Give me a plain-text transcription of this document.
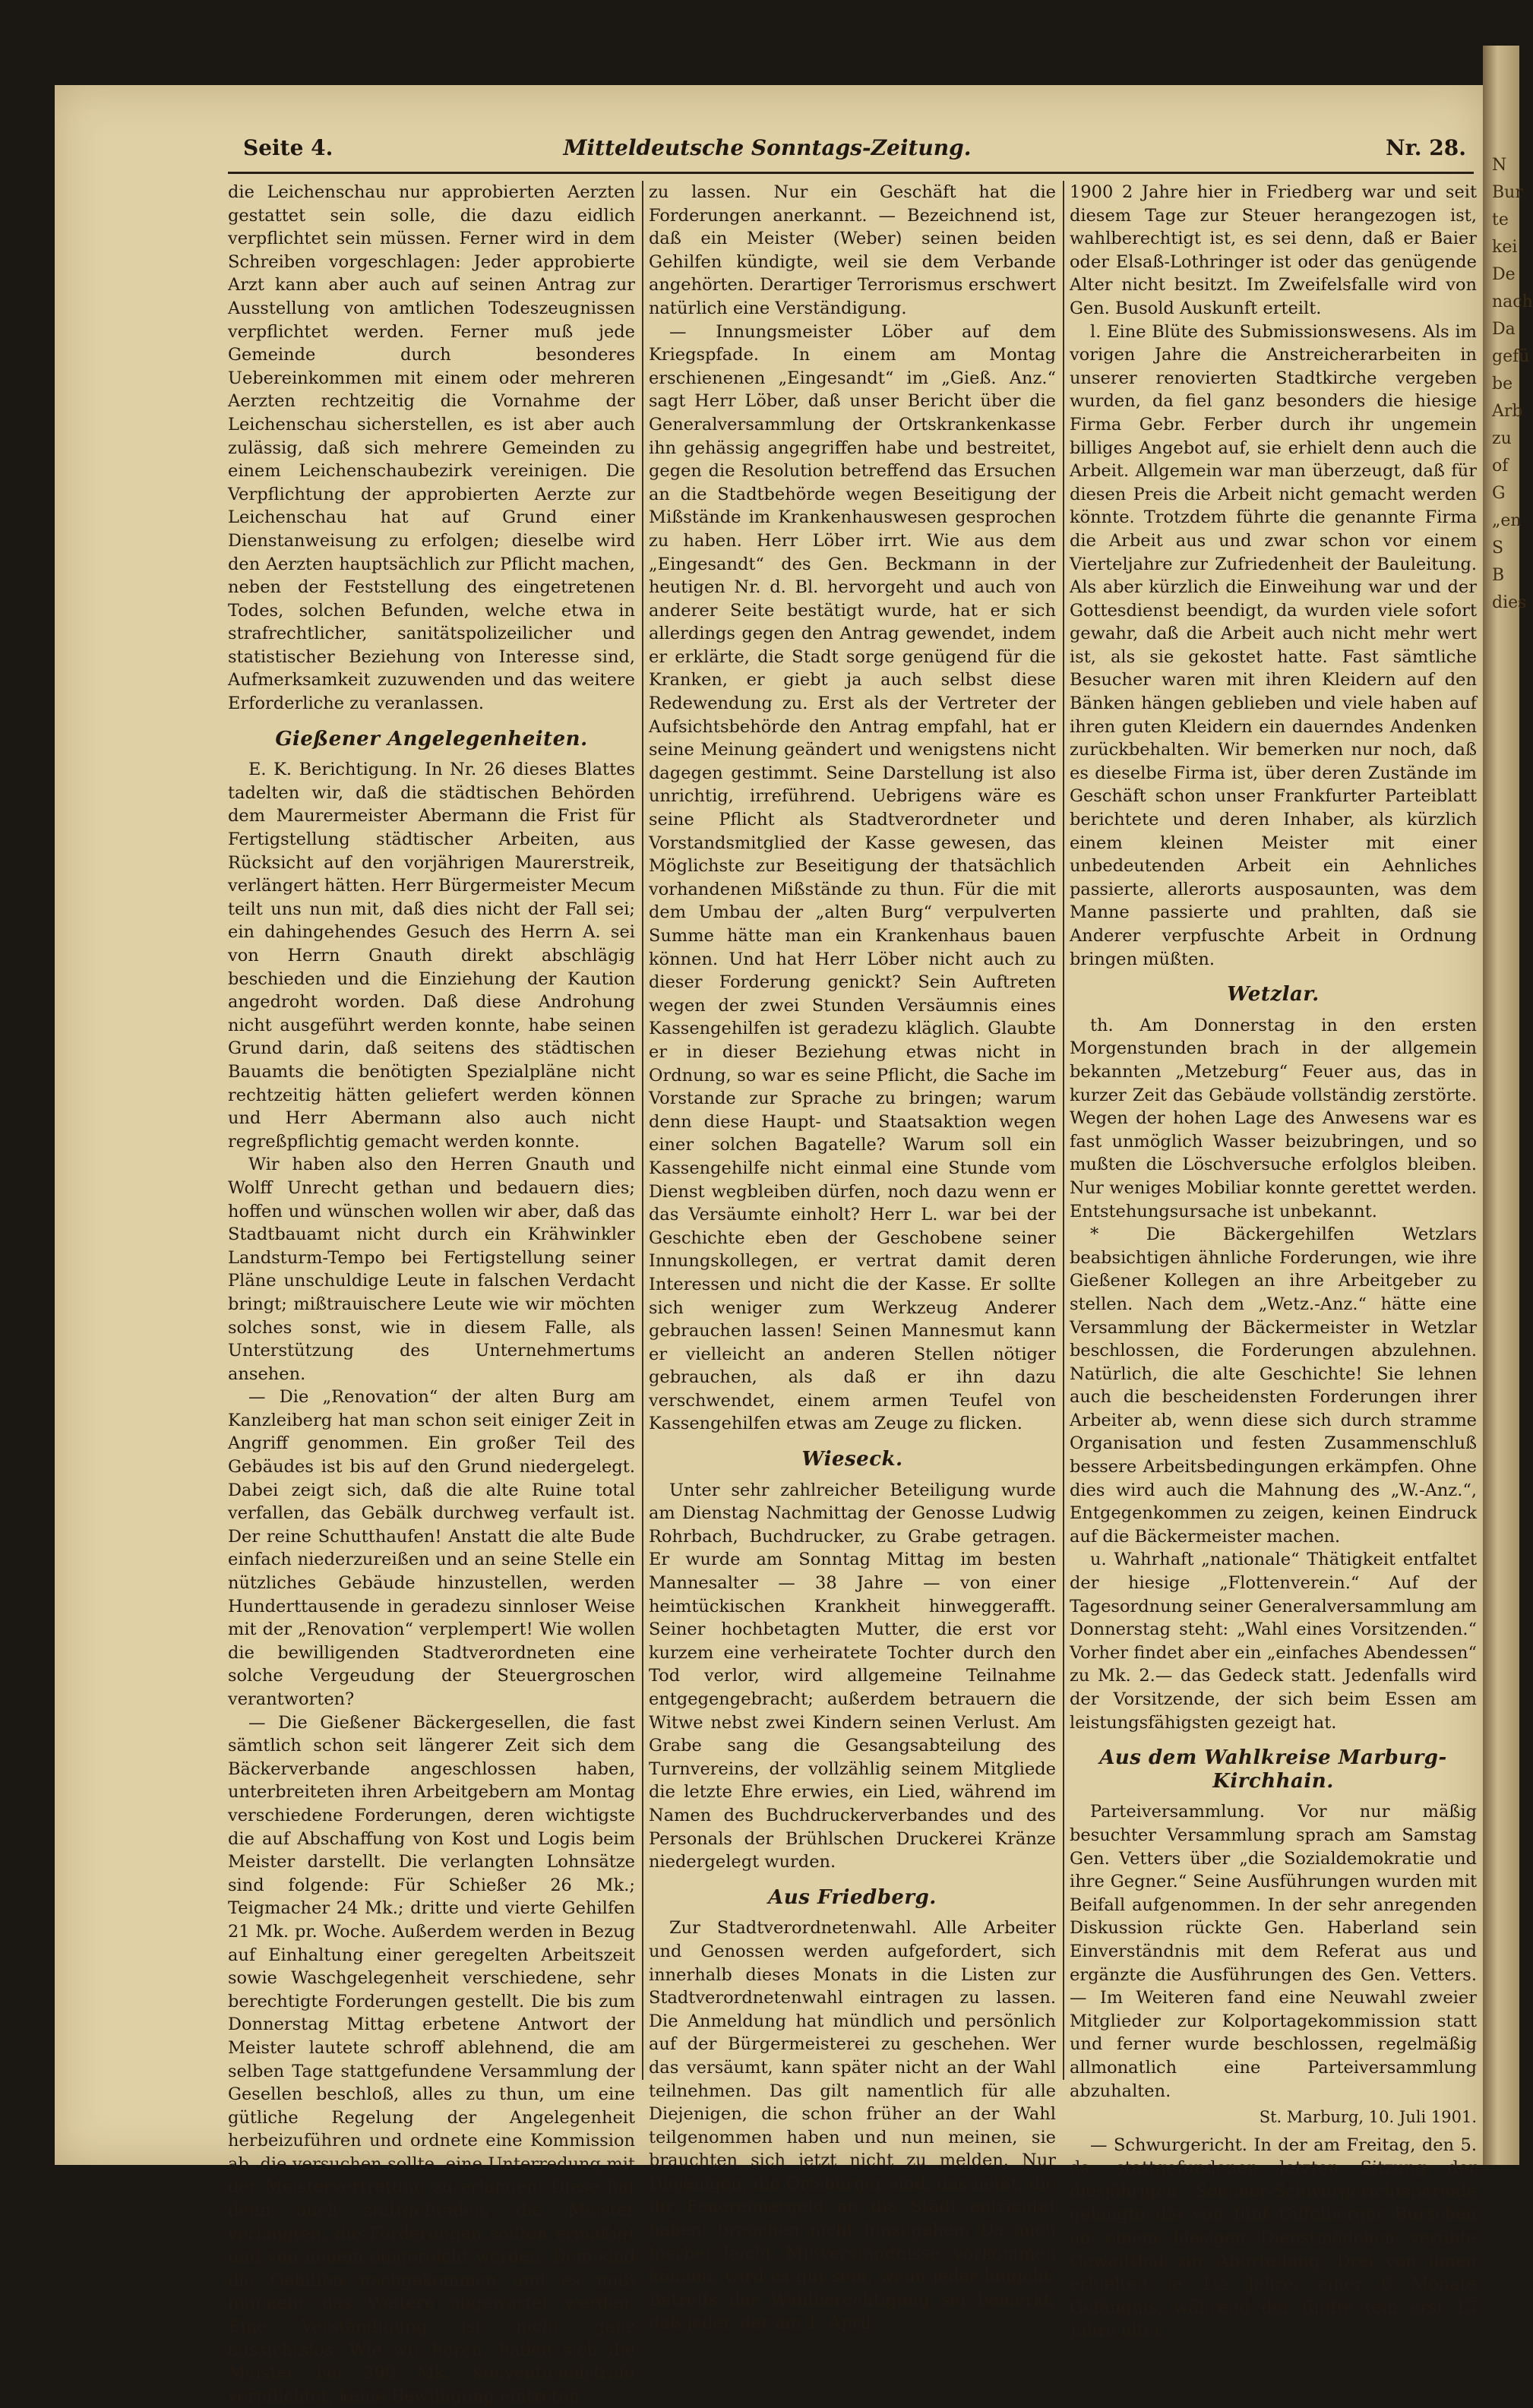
N
Bur
te
kei
De
nach
Da
gefü
be
Arb
zu
of
G
„en
S
B
dies
Seite 4.	Mitteldeutsche Sonntags-Zeitung.	Nr. 28.

die Leichenschau nur approbierten Aerzten gestattet sein solle, die dazu eidlich verpflichtet sein müssen. Ferner wird in dem Schreiben vorgeschlagen: Jeder approbierte Arzt kann aber auch auf seinen Antrag zur Ausstellung von amtlichen Todeszeugnissen verpflichtet werden. Ferner muß jede Gemeinde durch besonderes Uebereinkommen mit einem oder mehreren Aerzten rechtzeitig die Vornahme der Leichenschau sicherstellen, es ist aber auch zulässig, daß sich mehrere Gemeinden zu einem Leichenschaubezirk vereinigen. Die Verpflichtung der approbierten Aerzte zur Leichenschau hat auf Grund einer Dienstanweisung zu erfolgen; dieselbe wird den Aerzten hauptsächlich zur Pflicht machen, neben der Feststellung des eingetretenen Todes, solchen Befunden, welche etwa in strafrechtlicher, sanitätspolizeilicher und statistischer Beziehung von Interesse sind, Aufmerksamkeit zuzuwenden und das weitere Erforderliche zu veranlassen.

Gießener Angelegenheiten.

E. K. Berichtigung. In Nr. 26 dieses Blattes tadelten wir, daß die städtischen Behörden dem Maurermeister Abermann die Frist für Fertigstellung städtischer Arbeiten, aus Rücksicht auf den vorjährigen Maurerstreik, verlängert hätten. Herr Bürgermeister Mecum teilt uns nun mit, daß dies nicht der Fall sei; ein dahingehendes Gesuch des Herrn A. sei von Herrn Gnauth direkt abschlägig beschieden und die Einziehung der Kaution angedroht worden. Daß diese Androhung nicht ausgeführt werden konnte, habe seinen Grund darin, daß seitens des städtischen Bauamts die benötigten Spezialpläne nicht rechtzeitig hätten geliefert werden können und Herr Abermann also auch nicht regreßpflichtig gemacht werden konnte.

Wir haben also den Herren Gnauth und Wolff Unrecht gethan und bedauern dies; hoffen und wünschen wollen wir aber, daß das Stadtbauamt nicht durch ein Krähwinkler Landsturm-Tempo bei Fertigstellung seiner Pläne unschuldige Leute in falschen Verdacht bringt; mißtrauischere Leute wie wir möchten solches sonst, wie in diesem Falle, als Unterstützung des Unternehmertums ansehen.

— Die „Renovation“ der alten Burg am Kanzleiberg hat man schon seit einiger Zeit in Angriff genommen. Ein großer Teil des Gebäudes ist bis auf den Grund niedergelegt. Dabei zeigt sich, daß die alte Ruine total verfallen, das Gebälk durchweg verfault ist. Der reine Schutthaufen! Anstatt die alte Bude einfach niederzureißen und an seine Stelle ein nützliches Gebäude hinzustellen, werden Hunderttausende in geradezu sinnloser Weise mit der „Renovation“ verplempert! Wie wollen die bewilligenden Stadtverordneten eine solche Vergeudung der Steuergroschen verantworten?

— Die Gießener Bäckergesellen, die fast sämtlich schon seit längerer Zeit sich dem Bäckerverbande angeschlossen haben, unterbreiteten ihren Arbeitgebern am Montag verschiedene Forderungen, deren wichtigste die auf Abschaffung von Kost und Logis beim Meister darstellt. Die verlangten Lohnsätze sind folgende: Für Schießer 26 Mk.; Teigmacher 24 Mk.; dritte und vierte Gehilfen 21 Mk. pr. Woche. Außerdem werden in Bezug auf Einhaltung einer geregelten Arbeitszeit sowie Waschgelegenheit verschiedene, sehr berechtigte Forderungen gestellt. Die bis zum Donnerstag Mittag erbetene Antwort der Meister lautete schroff ablehnend, die am selben Tage stattgefundene Versammlung der Gesellen beschloß, alles zu thun, um eine gütliche Regelung der Angelegenheit herbeizuführen und ordnete eine Kommission ab, die versuchen sollte, eine Unterredung mit der Meistervertretung zu erlangen. Diese hat denn auch stattgefunden; die Meister verlangten, die Forderungen sollten ermäßigt und von neuem eingereicht werden. Dem sind die Gehilfen nachgekommen und es muß nunmehr das Weitere abgewartet werden. Eine Verständigung ist nicht ganz aussichtslos. Wie wir hören, haben sich die Meister bei 300 Mk. Konventionalstrafe verpflichtet, keine Bewilligung eintreten

zu lassen. Nur ein Geschäft hat die Forderungen anerkannt. — Bezeichnend ist, daß ein Meister (Weber) seinen beiden Gehilfen kündigte, weil sie dem Verbande angehörten. Derartiger Terrorismus erschwert natürlich eine Verständigung.

— Innungsmeister Löber auf dem Kriegspfade. In einem am Montag erschienenen „Eingesandt“ im „Gieß. Anz.“ sagt Herr Löber, daß unser Bericht über die Generalversammlung der Ortskrankenkasse ihn gehässig angegriffen habe und bestreitet, gegen die Resolution betreffend das Ersuchen an die Stadtbehörde wegen Beseitigung der Mißstände im Krankenhauswesen gesprochen zu haben. Herr Löber irrt. Wie aus dem „Eingesandt“ des Gen. Beckmann in der heutigen Nr. d. Bl. hervorgeht und auch von anderer Seite bestätigt wurde, hat er sich allerdings gegen den Antrag gewendet, indem er erklärte, die Stadt sorge genügend für die Kranken, er giebt ja auch selbst diese Redewendung zu. Erst als der Vertreter der Aufsichtsbehörde den Antrag empfahl, hat er seine Meinung geändert und wenigstens nicht dagegen gestimmt. Seine Darstellung ist also unrichtig, irreführend. Uebrigens wäre es seine Pflicht als Stadtverordneter und Vorstandsmitglied der Kasse gewesen, das Möglichste zur Beseitigung der thatsächlich vorhandenen Mißstände zu thun. Für die mit dem Umbau der „alten Burg“ verpulverten Summe hätte man ein Krankenhaus bauen können. Und hat Herr Löber nicht auch zu dieser Forderung genickt? Sein Auftreten wegen der zwei Stunden Versäumnis eines Kassengehilfen ist geradezu kläglich. Glaubte er in dieser Beziehung etwas nicht in Ordnung, so war es seine Pflicht, die Sache im Vorstande zur Sprache zu bringen; warum denn diese Haupt- und Staatsaktion wegen einer solchen Bagatelle? Warum soll ein Kassengehilfe nicht einmal eine Stunde vom Dienst wegbleiben dürfen, noch dazu wenn er das Versäumte einholt? Herr L. war bei der Geschichte eben der Geschobene seiner Innungskollegen, er vertrat damit deren Interessen und nicht die der Kasse. Er sollte sich weniger zum Werkzeug Anderer gebrauchen lassen! Seinen Mannesmut kann er vielleicht an anderen Stellen nötiger gebrauchen, als daß er ihn dazu verschwendet, einem armen Teufel von Kassengehilfen etwas am Zeuge zu flicken.

Wieseck.

Unter sehr zahlreicher Beteiligung wurde am Dienstag Nachmittag der Genosse Ludwig Rohrbach, Buchdrucker, zu Grabe getragen. Er wurde am Sonntag Mittag im besten Mannesalter — 38 Jahre — von einer heimtückischen Krankheit hinweggerafft. Seiner hochbetagten Mutter, die erst vor kurzem eine verheiratete Tochter durch den Tod verlor, wird allgemeine Teilnahme entgegengebracht; außerdem betrauern die Witwe nebst zwei Kindern seinen Verlust. Am Grabe sang die Gesangsabteilung des Turnvereins, der vollzählig seinem Mitgliede die letzte Ehre erwies, ein Lied, während im Namen des Buchdruckerverbandes und des Personals der Brühlschen Druckerei Kränze niedergelegt wurden.

Aus Friedberg.

Zur Stadtverordnetenwahl. Alle Arbeiter und Genossen werden aufgefordert, sich innerhalb dieses Monats in die Listen zur Stadtverordnetenwahl eintragen zu lassen. Die Anmeldung hat mündlich und persönlich auf der Bürgermeisterei zu geschehen. Wer das versäumt, kann später nicht an der Wahl teilnehmen. Das gilt namentlich für alle Diejenigen, die schon früher an der Wahl teilgenommen haben und nun meinen, sie brauchten sich jetzt nicht zu melden. Nur Diejenigen, die Ortsbürger sind, das heißt, die ihr Feuereimergeld an die Stadt entrichtet haben, brauchen nicht hinzugehen. Da auch hierbei leicht Mißverständnisse vorkommen können, wird es gut sein, wenn jeder hingeht. Betreffs der Wahlberechtigung sei bemerkt, daß jeder, der am 1. April

1900 2 Jahre hier in Friedberg war und seit diesem Tage zur Steuer herangezogen ist, wahlberechtigt ist, es sei denn, daß er Baier oder Elsaß-Lothringer ist oder das genügende Alter nicht besitzt. Im Zweifelsfalle wird von Gen. Busold Auskunft erteilt.

l. Eine Blüte des Submissionswesens. Als im vorigen Jahre die Anstreicherarbeiten in unserer renovierten Stadtkirche vergeben wurden, da fiel ganz besonders die hiesige Firma Gebr. Ferber durch ihr ungemein billiges Angebot auf, sie erhielt denn auch die Arbeit. Allgemein war man überzeugt, daß für diesen Preis die Arbeit nicht gemacht werden könnte. Trotzdem führte die genannte Firma die Arbeit aus und zwar schon vor einem Vierteljahre zur Zufriedenheit der Bauleitung. Als aber kürzlich die Einweihung war und der Gottesdienst beendigt, da wurden viele sofort gewahr, daß die Arbeit auch nicht mehr wert ist, als sie gekostet hatte. Fast sämtliche Besucher waren mit ihren Kleidern auf den Bänken hängen geblieben und viele haben auf ihren guten Kleidern ein dauerndes Andenken zurückbehalten. Wir bemerken nur noch, daß es dieselbe Firma ist, über deren Zustände im Geschäft schon unser Frankfurter Parteiblatt berichtete und deren Inhaber, als kürzlich einem kleinen Meister mit einer unbedeutenden Arbeit ein Aehnliches passierte, allerorts ausposaunten, was dem Manne passierte und prahlten, daß sie Anderer verpfuschte Arbeit in Ordnung bringen müßten.

Wetzlar.

th. Am Donnerstag in den ersten Morgenstunden brach in der allgemein bekannten „Metzeburg“ Feuer aus, das in kurzer Zeit das Gebäude vollständig zerstörte. Wegen der hohen Lage des Anwesens war es fast unmöglich Wasser beizubringen, und so mußten die Löschversuche erfolglos bleiben. Nur weniges Mobiliar konnte gerettet werden. Entstehungsursache ist unbekannt.

* Die Bäckergehilfen Wetzlars beabsichtigen ähnliche Forderungen, wie ihre Gießener Kollegen an ihre Arbeitgeber zu stellen. Nach dem „Wetz.-Anz.“ hätte eine Versammlung der Bäckermeister in Wetzlar beschlossen, die Forderungen abzulehnen. Natürlich, die alte Geschichte! Sie lehnen auch die bescheidensten Forderungen ihrer Arbeiter ab, wenn diese sich durch stramme Organisation und festen Zusammenschluß bessere Arbeitsbedingungen erkämpfen. Ohne dies wird auch die Mahnung des „W.-Anz.“, Entgegenkommen zu zeigen, keinen Eindruck auf die Bäckermeister machen.

u. Wahrhaft „nationale“ Thätigkeit entfaltet der hiesige „Flottenverein.“ Auf der Tagesordnung seiner Generalversammlung am Donnerstag steht: „Wahl eines Vorsitzenden.“ Vorher findet aber ein „einfaches Abendessen“ zu Mk. 2.— das Gedeck statt. Jedenfalls wird der Vorsitzende, der sich beim Essen am leistungsfähigsten gezeigt hat.

Aus dem Wahlkreise Marburg-Kirchhain.

Parteiversammlung. Vor nur mäßig besuchter Versammlung sprach am Samstag Gen. Vetters über „die Sozialdemokratie und ihre Gegner.“ Seine Ausführungen wurden mit Beifall aufgenommen. In der sehr anregenden Diskussion rückte Gen. Haberland sein Einverständnis mit dem Referat aus und ergänzte die Ausführungen des Gen. Vetters. — Im Weiteren fand eine Neuwahl zweier Mitglieder zur Kolportagekommission statt und ferner wurde beschlossen, regelmäßig allmonatlich eine Parteiversammlung abzuhalten.

St. Marburg, 10. Juli 1901.

— Schwurgericht. In der am Freitag, den 5. ds. stattgefundenen letzten Sitzung der diesjährigen Sommer-Schwurgerichtsperiode gelangte die von fünf Giffelberger Burschen an einem hiesigen Dienstmädchen verübte Gewaltthat zur Aburteilung. Drei von ihnen erhielten je 1½ Jahre, einer 6 Monate Gefängnis, während der fünfte (ein erst 15 Jahre alter
